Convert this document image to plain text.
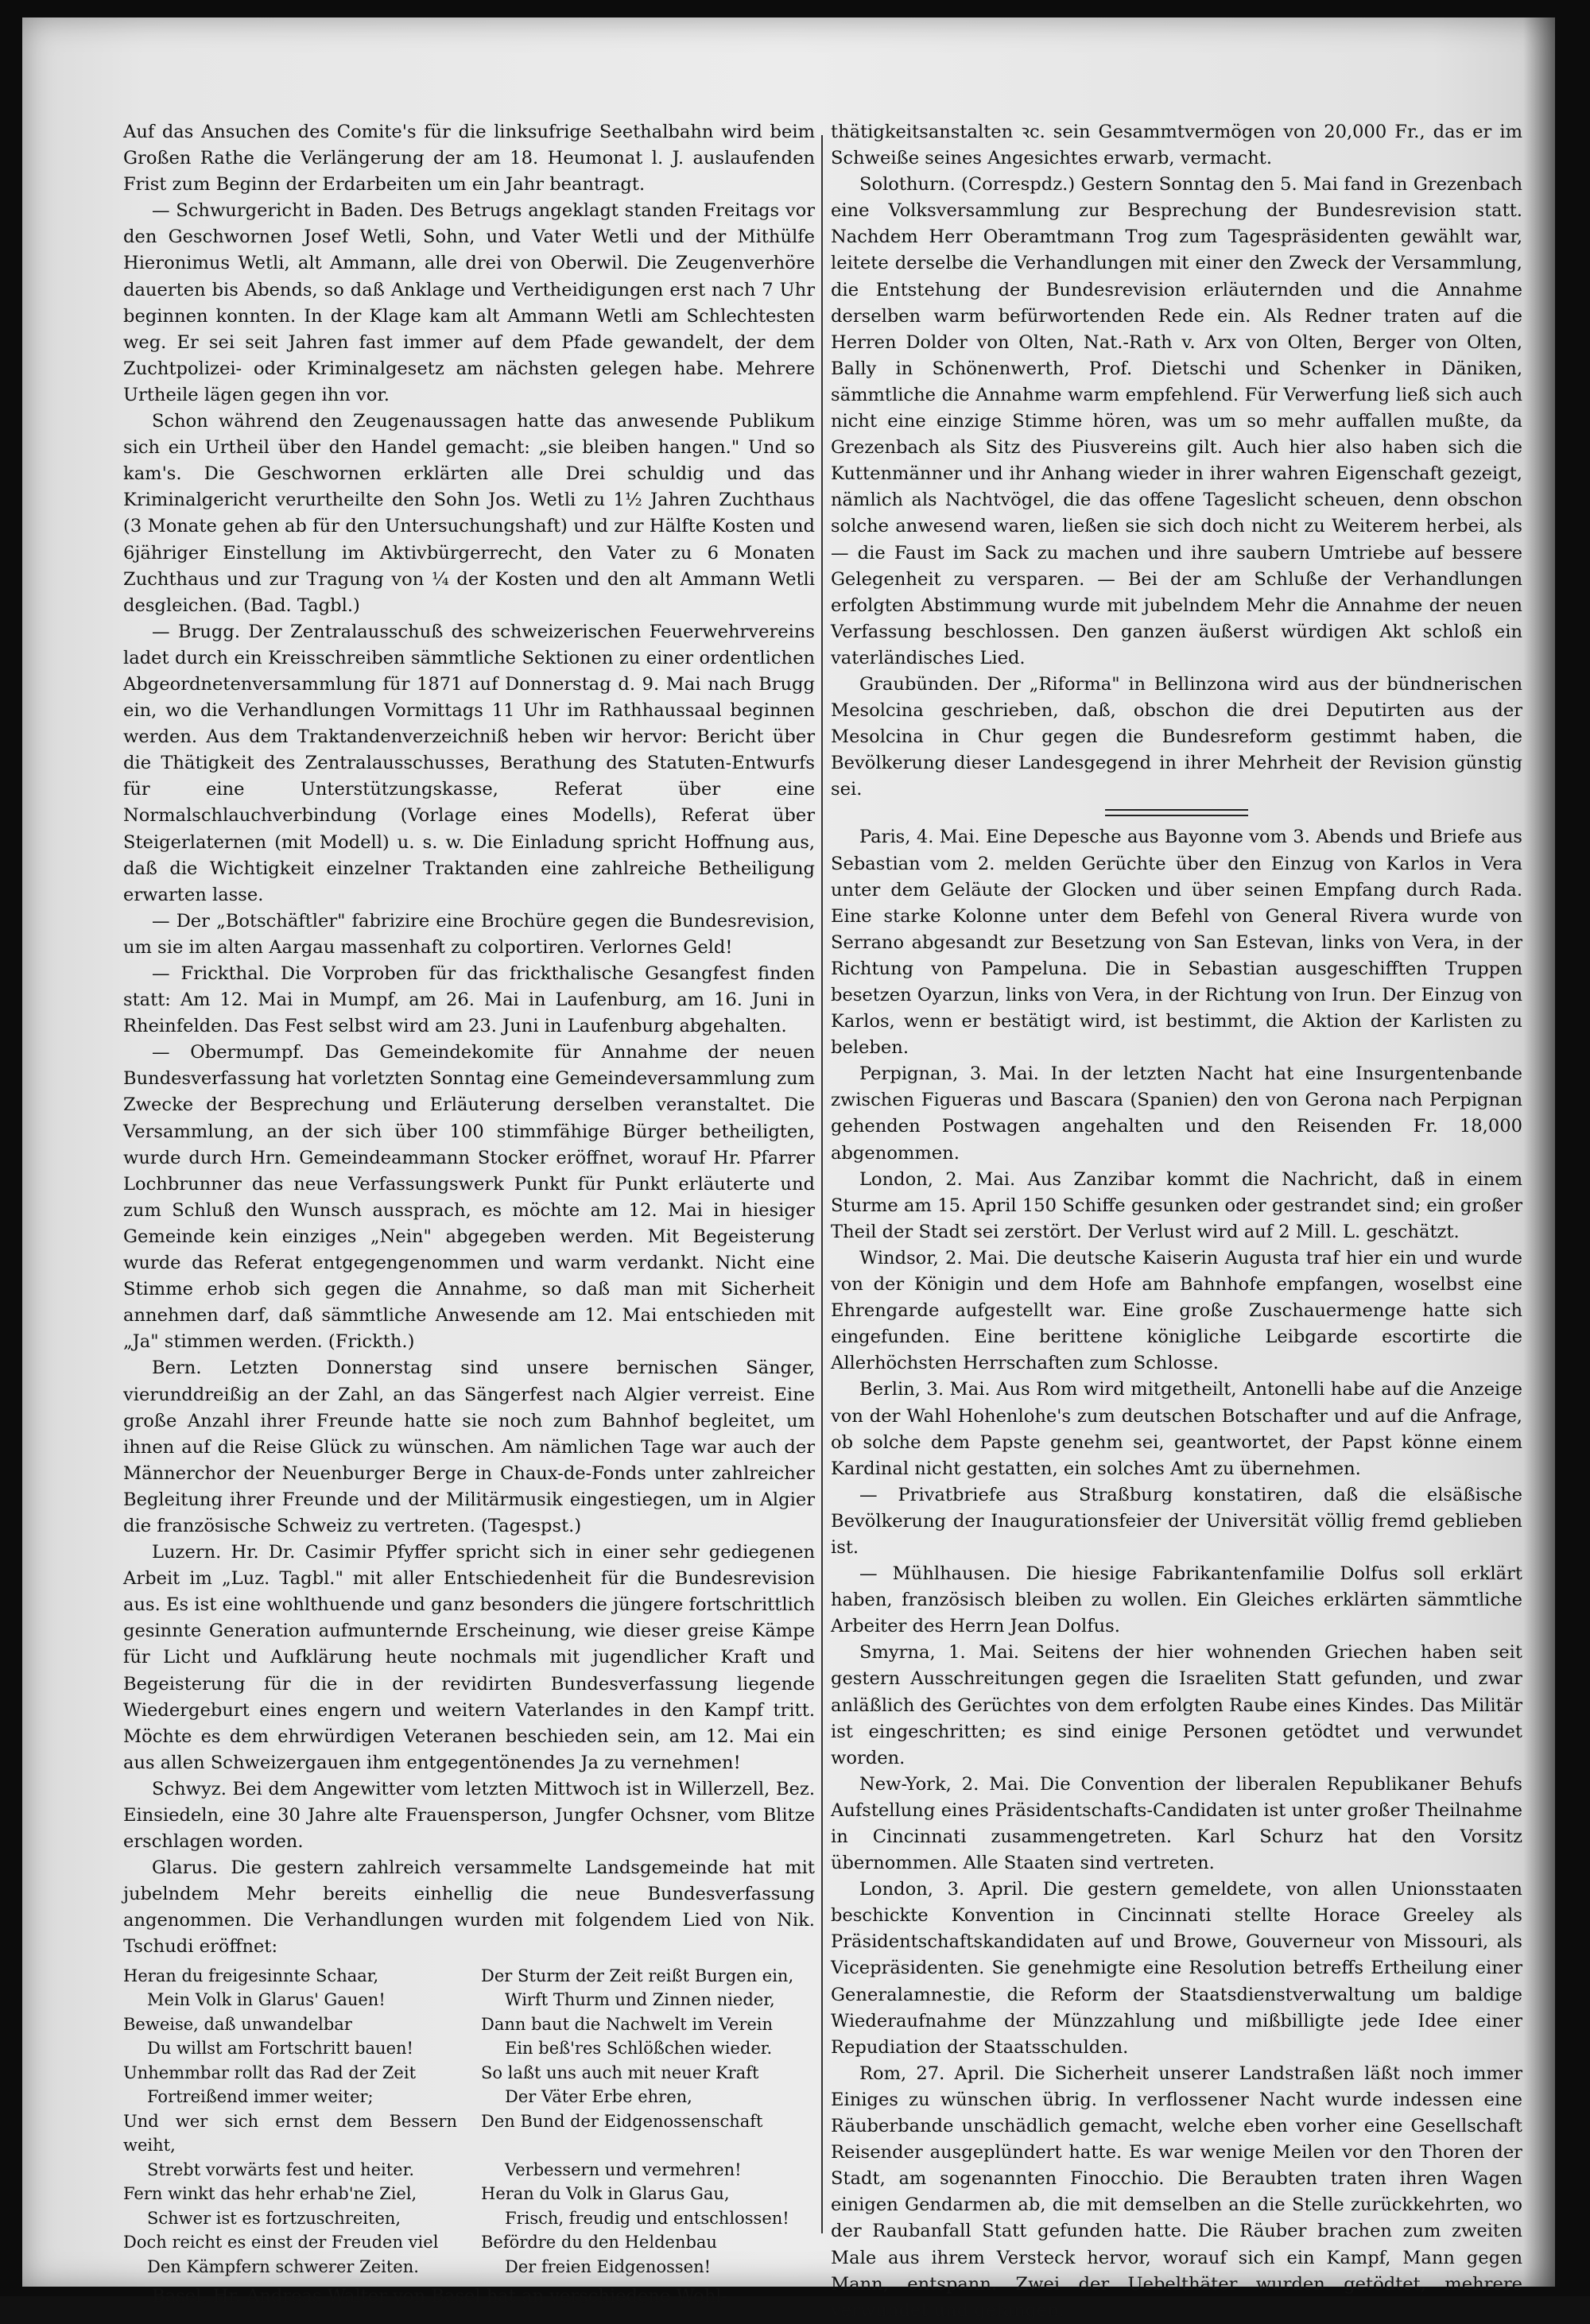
Auf das Ansuchen des Comite's für die linksufrige Seethalbahn wird beim Großen Rathe die Verlängerung der am 18. Heumonat l. J. auslaufenden Frist zum Beginn der Erdarbeiten um ein Jahr beantragt.

— Schwurgericht in Baden. Des Betrugs angeklagt standen Freitags vor den Geschwornen Josef Wetli, Sohn, und Vater Wetli und der Mithülfe Hieronimus Wetli, alt Ammann, alle drei von Oberwil. Die Zeugenverhöre dauerten bis Abends, so daß Anklage und Vertheidigungen erst nach 7 Uhr beginnen konnten. In der Klage kam alt Ammann Wetli am Schlechtesten weg. Er sei seit Jahren fast immer auf dem Pfade gewandelt, der dem Zuchtpolizei- oder Kriminalgesetz am nächsten gelegen habe. Mehrere Urtheile lägen gegen ihn vor.

Schon während den Zeugenaussagen hatte das anwesende Publikum sich ein Urtheil über den Handel gemacht: „sie bleiben hangen." Und so kam's. Die Geschwornen erklärten alle Drei schuldig und das Kriminalgericht verurtheilte den Sohn Jos. Wetli zu 1½ Jahren Zuchthaus (3 Monate gehen ab für den Untersuchungshaft) und zur Hälfte Kosten und 6jähriger Einstellung im Aktivbürgerrecht, den Vater zu 6 Monaten Zuchthaus und zur Tragung von ¼ der Kosten und den alt Ammann Wetli desgleichen. (Bad. Tagbl.)

— Brugg. Der Zentralausschuß des schweizerischen Feuerwehrvereins ladet durch ein Kreisschreiben sämmtliche Sektionen zu einer ordentlichen Abgeordnetenversammlung für 1871 auf Donnerstag d. 9. Mai nach Brugg ein, wo die Verhandlungen Vormittags 11 Uhr im Rathhaussaal beginnen werden. Aus dem Traktandenverzeichniß heben wir hervor: Bericht über die Thätigkeit des Zentralausschusses, Berathung des Statuten-Entwurfs für eine Unterstützungskasse, Referat über eine Normalschlauchverbindung (Vorlage eines Modells), Referat über Steigerlaternen (mit Modell) u. s. w. Die Einladung spricht Hoffnung aus, daß die Wichtigkeit einzelner Traktanden eine zahlreiche Betheiligung erwarten lasse.

— Der „Botschäftler" fabrizire eine Brochüre gegen die Bundesrevision, um sie im alten Aargau massenhaft zu colportiren. Verlornes Geld!

— Frickthal. Die Vorproben für das frickthalische Gesangfest finden statt: Am 12. Mai in Mumpf, am 26. Mai in Laufenburg, am 16. Juni in Rheinfelden. Das Fest selbst wird am 23. Juni in Laufenburg abgehalten.

— Obermumpf. Das Gemeindekomite für Annahme der neuen Bundesverfassung hat vorletzten Sonntag eine Gemeindeversammlung zum Zwecke der Besprechung und Erläuterung derselben veranstaltet. Die Versammlung, an der sich über 100 stimmfähige Bürger betheiligten, wurde durch Hrn. Gemeindeammann Stocker eröffnet, worauf Hr. Pfarrer Lochbrunner das neue Verfassungswerk Punkt für Punkt erläuterte und zum Schluß den Wunsch aussprach, es möchte am 12. Mai in hiesiger Gemeinde kein einziges „Nein" abgegeben werden. Mit Begeisterung wurde das Referat entgegengenommen und warm verdankt. Nicht eine Stimme erhob sich gegen die Annahme, so daß man mit Sicherheit annehmen darf, daß sämmtliche Anwesende am 12. Mai entschieden mit „Ja" stimmen werden. (Frickth.)

Bern. Letzten Donnerstag sind unsere bernischen Sänger, vierunddreißig an der Zahl, an das Sängerfest nach Algier verreist. Eine große Anzahl ihrer Freunde hatte sie noch zum Bahnhof begleitet, um ihnen auf die Reise Glück zu wünschen. Am nämlichen Tage war auch der Männerchor der Neuenburger Berge in Chaux-de-Fonds unter zahlreicher Begleitung ihrer Freunde und der Militärmusik eingestiegen, um in Algier die französische Schweiz zu vertreten. (Tagespst.)

Luzern. Hr. Dr. Casimir Pfyffer spricht sich in einer sehr gediegenen Arbeit im „Luz. Tagbl." mit aller Entschiedenheit für die Bundesrevision aus. Es ist eine wohlthuende und ganz besonders die jüngere fortschrittlich gesinnte Generation aufmunternde Erscheinung, wie dieser greise Kämpe für Licht und Aufklärung heute nochmals mit jugendlicher Kraft und Begeisterung für die in der revidirten Bundesverfassung liegende Wiedergeburt eines engern und weitern Vaterlandes in den Kampf tritt. Möchte es dem ehrwürdigen Veteranen beschieden sein, am 12. Mai ein aus allen Schweizergauen ihm entgegentönendes Ja zu vernehmen!

Schwyz. Bei dem Angewitter vom letzten Mittwoch ist in Willerzell, Bez. Einsiedeln, eine 30 Jahre alte Frauensperson, Jungfer Ochsner, vom Blitze erschlagen worden.

Glarus. Die gestern zahlreich versammelte Landsgemeinde hat mit jubelndem Mehr bereits einhellig die neue Bundesverfassung angenommen. Die Verhandlungen wurden mit folgendem Lied von Nik. Tschudi eröffnet:

Heran du freigesinnte Schaar,	Der Sturm der Zeit reißt Burgen ein,
Mein Volk in Glarus' Gauen!	Wirft Thurm und Zinnen nieder,
Beweise, daß unwandelbar	Dann baut die Nachwelt im Verein
Du willst am Fortschritt bauen!	Ein beß'res Schlößchen wieder.
Unhemmbar rollt das Rad der Zeit	So laßt uns auch mit neuer Kraft
Fortreißend immer weiter;	Der Väter Erbe ehren,
Und wer sich ernst dem Bessern weiht,
Den Bund der Eidgenossenschaft
Strebt vorwärts fest und heiter.	Verbessern und vermehren!
Fern winkt das hehr erhab'ne Ziel,	Heran du Volk in Glarus Gau,
Schwer ist es fortzuschreiten,	Frisch, freudig und entschlossen!
Doch reicht es einst der Freuden viel	Befördre du den Heldenbau
Den Kämpfern schwerer Zeiten.	Der freien Eidgenossen!

Basel. Hr. Andreas Walter von Basel hat an verschiedene Wohl-

thätigkeitsanstalten ꝛc. sein Gesammtvermögen von 20,000 Fr., das er im Schweiße seines Angesichtes erwarb, vermacht.

Solothurn. (Correspdz.) Gestern Sonntag den 5. Mai fand in Grezenbach eine Volksversammlung zur Besprechung der Bundesrevision statt. Nachdem Herr Oberamtmann Trog zum Tagespräsidenten gewählt war, leitete derselbe die Verhandlungen mit einer den Zweck der Versammlung, die Entstehung der Bundesrevision erläuternden und die Annahme derselben warm befürwortenden Rede ein. Als Redner traten auf die Herren Dolder von Olten, Nat.-Rath v. Arx von Olten, Berger von Olten, Bally in Schönenwerth, Prof. Dietschi und Schenker in Däniken, sämmtliche die Annahme warm empfehlend. Für Verwerfung ließ sich auch nicht eine einzige Stimme hören, was um so mehr auffallen mußte, da Grezenbach als Sitz des Piusvereins gilt. Auch hier also haben sich die Kuttenmänner und ihr Anhang wieder in ihrer wahren Eigenschaft gezeigt, nämlich als Nachtvögel, die das offene Tageslicht scheuen, denn obschon solche anwesend waren, ließen sie sich doch nicht zu Weiterem herbei, als — die Faust im Sack zu machen und ihre saubern Umtriebe auf bessere Gelegenheit zu versparen. — Bei der am Schluße der Verhandlungen erfolgten Abstimmung wurde mit jubelndem Mehr die Annahme der neuen Verfassung beschlossen. Den ganzen äußerst würdigen Akt schloß ein vaterländisches Lied.

Graubünden. Der „Riforma" in Bellinzona wird aus der bündnerischen Mesolcina geschrieben, daß, obschon die drei Deputirten aus der Mesolcina in Chur gegen die Bundesreform gestimmt haben, die Bevölkerung dieser Landesgegend in ihrer Mehrheit der Revision günstig sei.

Paris, 4. Mai. Eine Depesche aus Bayonne vom 3. Abends und Briefe aus Sebastian vom 2. melden Gerüchte über den Einzug von Karlos in Vera unter dem Geläute der Glocken und über seinen Empfang durch Rada. Eine starke Kolonne unter dem Befehl von General Rivera wurde von Serrano abgesandt zur Besetzung von San Estevan, links von Vera, in der Richtung von Pampeluna. Die in Sebastian ausgeschifften Truppen besetzen Oyarzun, links von Vera, in der Richtung von Irun. Der Einzug von Karlos, wenn er bestätigt wird, ist bestimmt, die Aktion der Karlisten zu beleben.

Perpignan, 3. Mai. In der letzten Nacht hat eine Insurgentenbande zwischen Figueras und Bascara (Spanien) den von Gerona nach Perpignan gehenden Postwagen angehalten und den Reisenden Fr. 18,000 abgenommen.

London, 2. Mai. Aus Zanzibar kommt die Nachricht, daß in einem Sturme am 15. April 150 Schiffe gesunken oder gestrandet sind; ein großer Theil der Stadt sei zerstört. Der Verlust wird auf 2 Mill. L. geschätzt.

Windsor, 2. Mai. Die deutsche Kaiserin Augusta traf hier ein und wurde von der Königin und dem Hofe am Bahnhofe empfangen, woselbst eine Ehrengarde aufgestellt war. Eine große Zuschauermenge hatte sich eingefunden. Eine berittene königliche Leibgarde escortirte die Allerhöchsten Herrschaften zum Schlosse.

Berlin, 3. Mai. Aus Rom wird mitgetheilt, Antonelli habe auf die Anzeige von der Wahl Hohenlohe's zum deutschen Botschafter und auf die Anfrage, ob solche dem Papste genehm sei, geantwortet, der Papst könne einem Kardinal nicht gestatten, ein solches Amt zu übernehmen.

— Privatbriefe aus Straßburg konstatiren, daß die elsäßische Bevölkerung der Inaugurationsfeier der Universität völlig fremd geblieben ist.

— Mühlhausen. Die hiesige Fabrikantenfamilie Dolfus soll erklärt haben, französisch bleiben zu wollen. Ein Gleiches erklärten sämmtliche Arbeiter des Herrn Jean Dolfus.

Smyrna, 1. Mai. Seitens der hier wohnenden Griechen haben seit gestern Ausschreitungen gegen die Israeliten Statt gefunden, und zwar anläßlich des Gerüchtes von dem erfolgten Raube eines Kindes. Das Militär ist eingeschritten; es sind einige Personen getödtet und verwundet worden.

New-York, 2. Mai. Die Convention der liberalen Republikaner Behufs Aufstellung eines Präsidentschafts-Candidaten ist unter großer Theilnahme in Cincinnati zusammengetreten. Karl Schurz hat den Vorsitz übernommen. Alle Staaten sind vertreten.

London, 3. April. Die gestern gemeldete, von allen Unionsstaaten beschickte Konvention in Cincinnati stellte Horace Greeley als Präsidentschaftskandidaten auf und Browe, Gouverneur von Missouri, als Vicepräsidenten. Sie genehmigte eine Resolution betreffs Ertheilung einer Generalamnestie, die Reform der Staatsdienstverwaltung um baldige Wiederaufnahme der Münzzahlung und mißbilligte jede Idee einer Repudiation der Staatsschulden.

Rom, 27. April. Die Sicherheit unserer Landstraßen läßt noch immer Einiges zu wünschen übrig. In verflossener Nacht wurde indessen eine Räuberbande unschädlich gemacht, welche eben vorher eine Gesellschaft Reisender ausgeplündert hatte. Es war wenige Meilen vor den Thoren der Stadt, am sogenannten Finocchio. Die Beraubten traten ihren Wagen einigen Gendarmen ab, die mit demselben an die Stelle zurückkehrten, wo der Raubanfall Statt gefunden hatte. Die Räuber brachen zum zweiten Male aus ihrem Versteck hervor, worauf sich ein Kampf, Mann gegen Mann, entspann. Zwei der Uebelthäter wurden getödtet, mehrere verwundet und gefangen.
